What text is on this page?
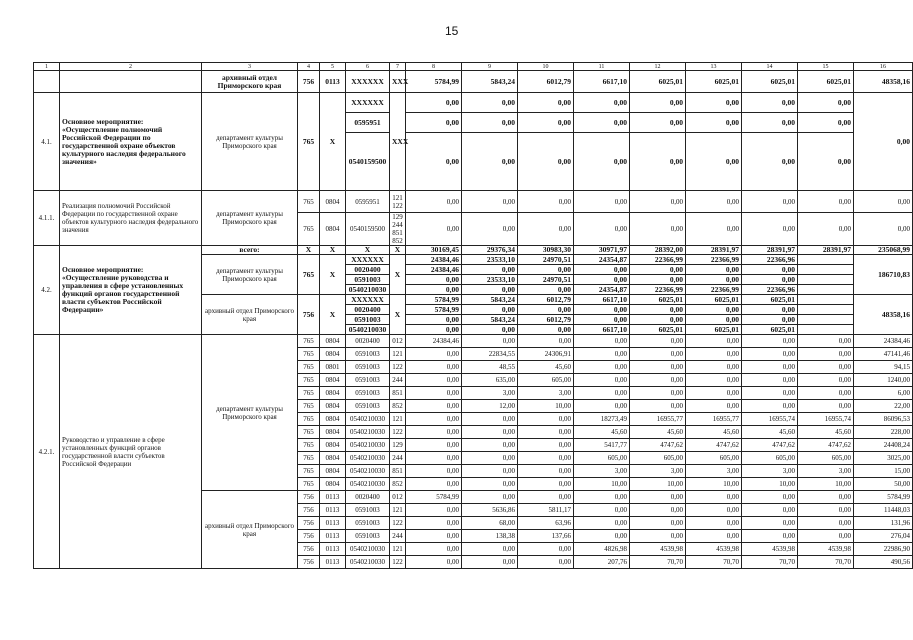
15
1	2	3	4	5	6	7	8	9	10	11	12	13	14	15	16
		архивный отдел Приморского края	756	0113	XXXXXX	XXX	5784,99	5843,24	6012,79	6617,10	6025,01	6025,01	6025,01	6025,01	48358,16
4.1.	Основное мероприятие: «Осуществление полномочий Российской Федерации по государственной охране объектов культурного наследия федерального значения»	департамент культуры Приморского края	765	X	XXXXXX	XXX	0,00	0,00	0,00	0,00	0,00	0,00	0,00	0,00	0,00
					0595951		0,00	0,00	0,00	0,00	0,00	0,00	0,00	0,00	
					0540159500		0,00	0,00	0,00	0,00	0,00	0,00	0,00	0,00	
4.1.1.	Реализация полномочий Российской Федерации по государственной охране объектов культурного наследия федерального значения	департамент культуры Приморского края	765	0804	0595951	121 122	0,00	0,00	0,00	0,00	0,00	0,00	0,00	0,00	0,00
			765	0804	0540159500	129 244 851 852	0,00	0,00	0,00	0,00	0,00	0,00	0,00	0,00	0,00
4.2.	Основное мероприятие: «Осуществление руководства и управления в сфере установленных функций органов государственной власти субъектов Российской Федерации»	всего:	X	X	X	X	30169,45	29376,34	30983,30	30971,97	28392,00	28391,97	28391,97	28391,97	235068,99
		департамент культуры Приморского края	765	X	XXXXXX	X	24384,46	23533,10	24970,51	24354,87	22366,99	22366,99	22366,96		186710,83
					0020400		24384,46	0,00	0,00	0,00	0,00	0,00	0,00		
					0591003		0,00	23533,10	24970,51	0,00	0,00	0,00	0,00		
					0540210030		0,00	0,00	0,00	24354,87	22366,99	22366,99	22366,96		
		архивный отдел Приморского края	756	X	XXXXXX	X	5784,99	5843,24	6012,79	6617,10	6025,01	6025,01	6025,01		48358,16
					0020400		5784,99	0,00	0,00	0,00	0,00	0,00	0,00		
					0591003		0,00	5843,24	6012,79	0,00	0,00	0,00	0,00		
					0540210030		0,00	0,00	0,00	6617,10	6025,01	6025,01	6025,01		
4.2.1.	Руководство и управление в сфере установленных функций органов государственной власти субъектов Российской Федерации	департамент культуры Приморского края	765	0804	0020400	012	24384,46	0,00	0,00	0,00	0,00	0,00	0,00	0,00	24384,46
			765	0804	0591003	121	0,00	22834,55	24306,91	0,00	0,00	0,00	0,00	0,00	47141,46
			765	0801	0591003	122	0,00	48,55	45,60	0,00	0,00	0,00	0,00	0,00	94,15
			765	0804	0591003	244	0,00	635,00	605,00	0,00	0,00	0,00	0,00	0,00	1240,00
			765	0804	0591003	851	0,00	3,00	3,00	0,00	0,00	0,00	0,00	0,00	6,00
			765	0804	0591003	852	0,00	12,00	10,00	0,00	0,00	0,00	0,00	0,00	22,00
			765	0804	0540210030	121	0,00	0,00	0,00	18273,49	16955,77	16955,77	16955,74	16955,74	86096,53
			765	0804	0540210030	122	0,00	0,00	0,00	45,60	45,60	45,60	45,60	45,60	228,00
			765	0804	0540210030	129	0,00	0,00	0,00	5417,77	4747,62	4747,62	4747,62	4747,62	24408,24
			765	0804	0540210030	244	0,00	0,00	0,00	605,00	605,00	605,00	605,00	605,00	3025,00
			765	0804	0540210030	851	0,00	0,00	0,00	3,00	3,00	3,00	3,00	3,00	15,00
			765	0804	0540210030	852	0,00	0,00	0,00	10,00	10,00	10,00	10,00	10,00	50,00
		архивный отдел Приморского края	756	0113	0020400	012	5784,99	0,00	0,00	0,00	0,00	0,00	0,00	0,00	5784,99
			756	0113	0591003	121	0,00	5636,86	5811,17	0,00	0,00	0,00	0,00	0,00	11448,03
			756	0113	0591003	122	0,00	68,00	63,96	0,00	0,00	0,00	0,00	0,00	131,96
			756	0113	0591003	244	0,00	138,38	137,66	0,00	0,00	0,00	0,00	0,00	276,04
			756	0113	0540210030	121	0,00	0,00	0,00	4826,98	4539,98	4539,98	4539,98	4539,98	22986,90
			756	0113	0540210030	122	0,00	0,00	0,00	207,76	70,70	70,70	70,70	70,70	490,56
